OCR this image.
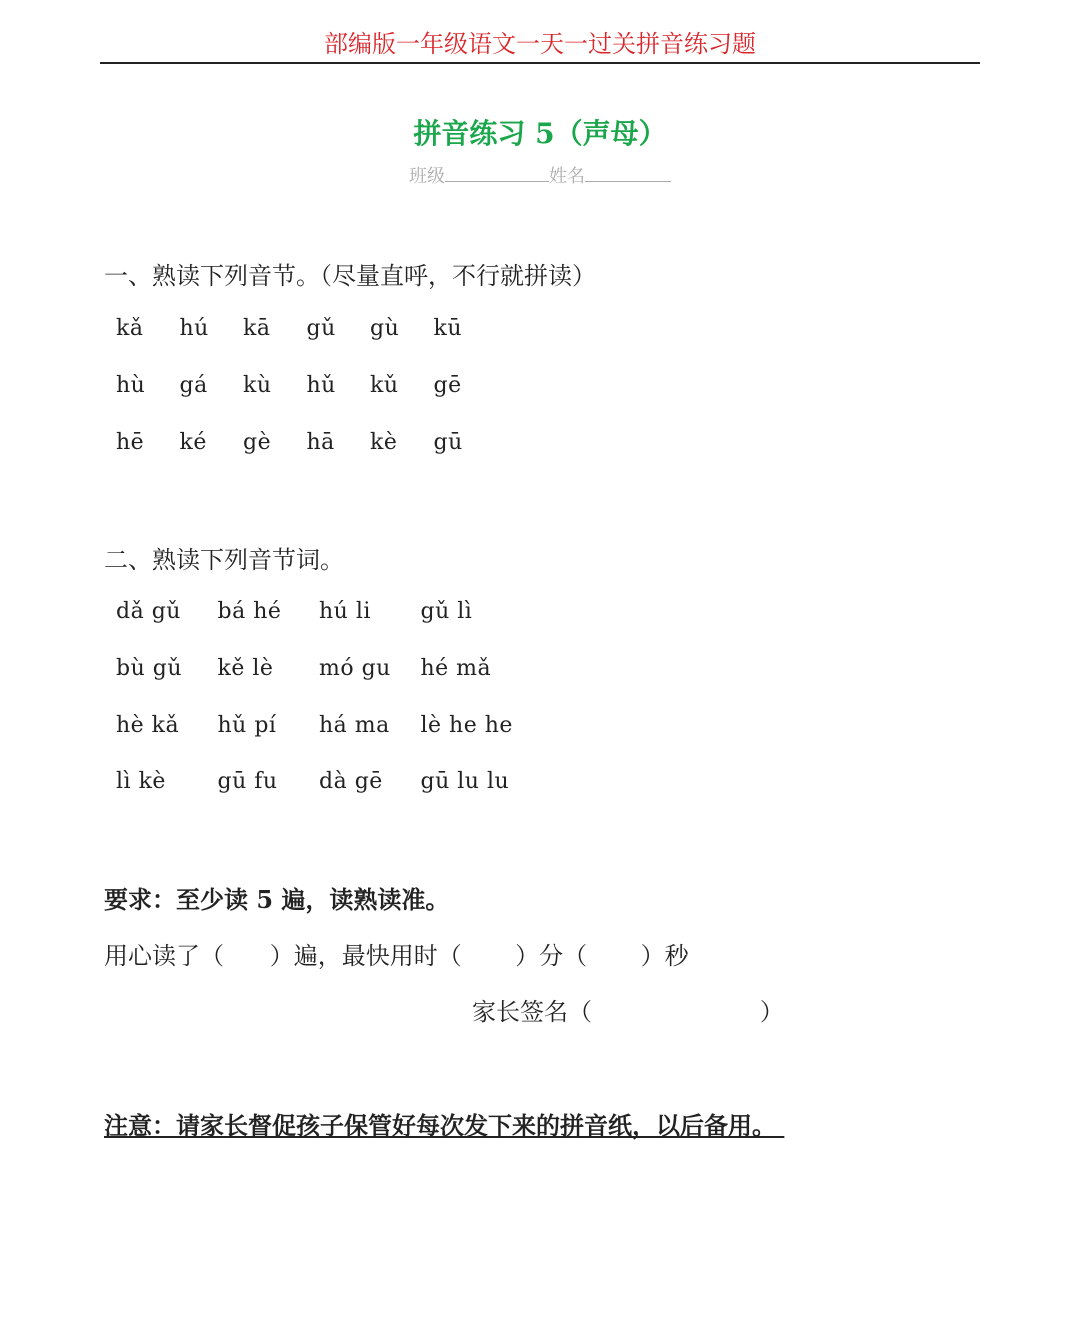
部编版一年级语文一天一过关拼音练习题
拼音练习 5（声母）
班级	姓名
一、熟读下列音节。（尽量直呼，不行就拼读）
kǎ	hú	kā	gǔ	gù	kū
hù	gá	kù	hǔ	kǔ	gē
hē	ké	gè	hā	kè	gū
二、熟读下列音节词。
dǎ gǔ	bá hé	hú li	gǔ lì
bù gǔ	kě lè	mó gu	hé mǎ
hè kǎ	hǔ pí	há ma	lè he he
lì kè	gū fu	dà gē	gū lu lu
要求：至少读 5 遍，读熟读准。
用心读了（      ）遍，最快用时（       ）分（       ）秒
家长签名（                      ）
注意：请家长督促孩子保管好每次发下来的拼音纸，以后备用。
